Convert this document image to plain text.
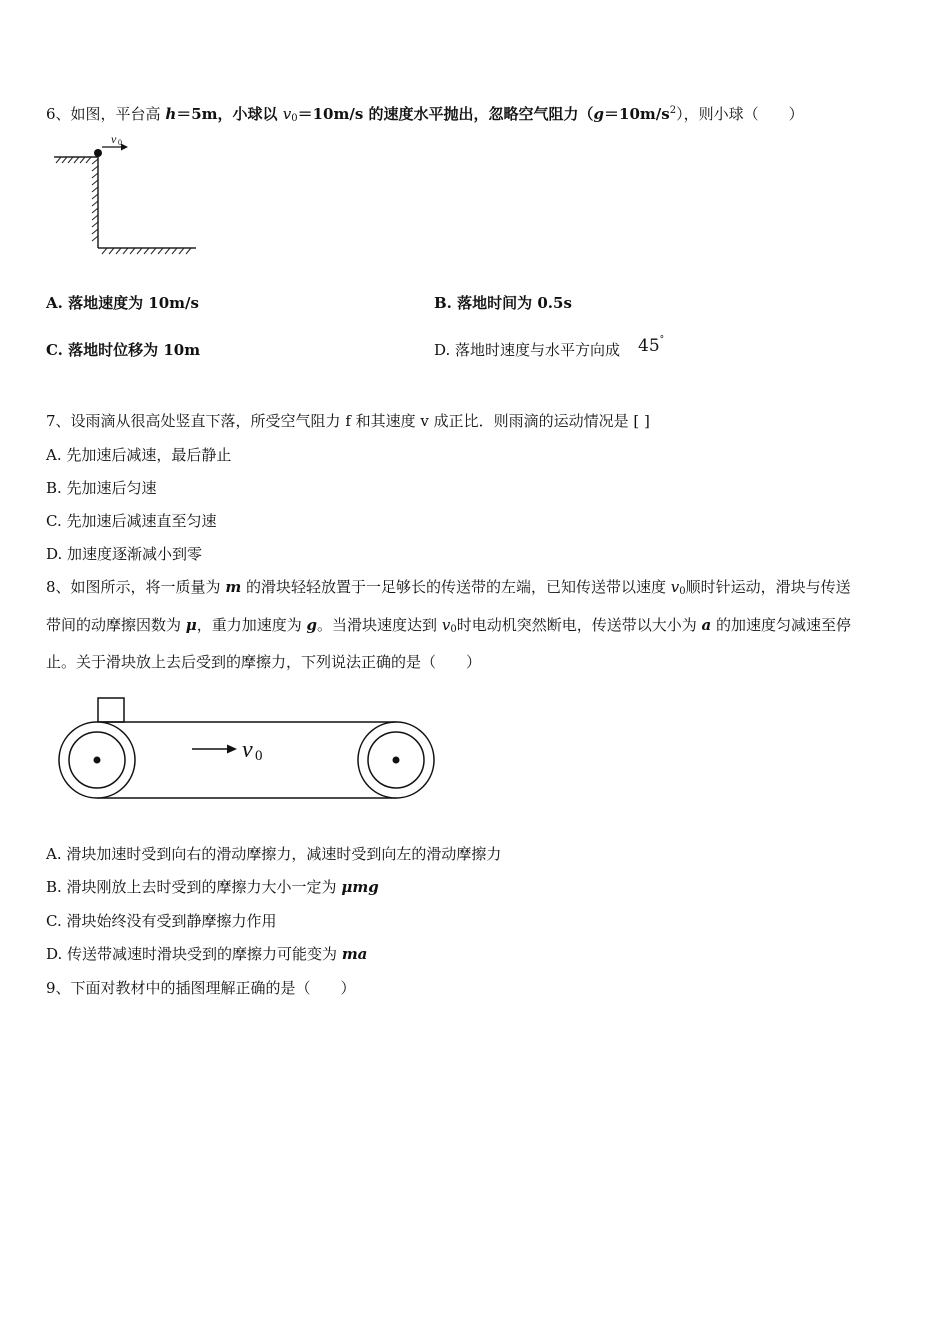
6、如图，平台高 h＝5m，小球以 $v_0=10m/s$ 的速度水平抛出，忽略空气阻力$(g=10m/s^2)$，则小球（　　）
v 0
A. 落地速度为 10m/s	B. 落地时间为 0.5s
C. 落地时位移为 10m	D. 落地时速度与水平方向成 45°
7、设雨滴从很高处竖直下落，所受空气阻力 f 和其速度 v 成正比．则雨滴的运动情况是 [ ]
A. 先加速后减速，最后静止
B. 先加速后匀速
C. 先加速后减速直至匀速
D. 加速度逐渐减小到零
8、如图所示，将一质量为 m 的滑块轻轻放置于一足够长的传送带的左端，已知传送带以速度 $v_0$顺时针运动，滑块与传送
带间的动摩擦因数为 μ，重力加速度为 g。当滑块速度达到 $v_0$时电动机突然断电，传送带以大小为 a 的加速度匀减速至停
止。关于滑块放上去后受到的摩擦力，下列说法正确的是（　　）
v 0
A. 滑块加速时受到向右的滑动摩擦力，减速时受到向左的滑动摩擦力
B. 滑块刚放上去时受到的摩擦力大小一定为 μmg
C. 滑块始终没有受到静摩擦力作用
D. 传送带减速时滑块受到的摩擦力可能变为 ma
9、下面对教材中的插图理解正确的是（　　）
